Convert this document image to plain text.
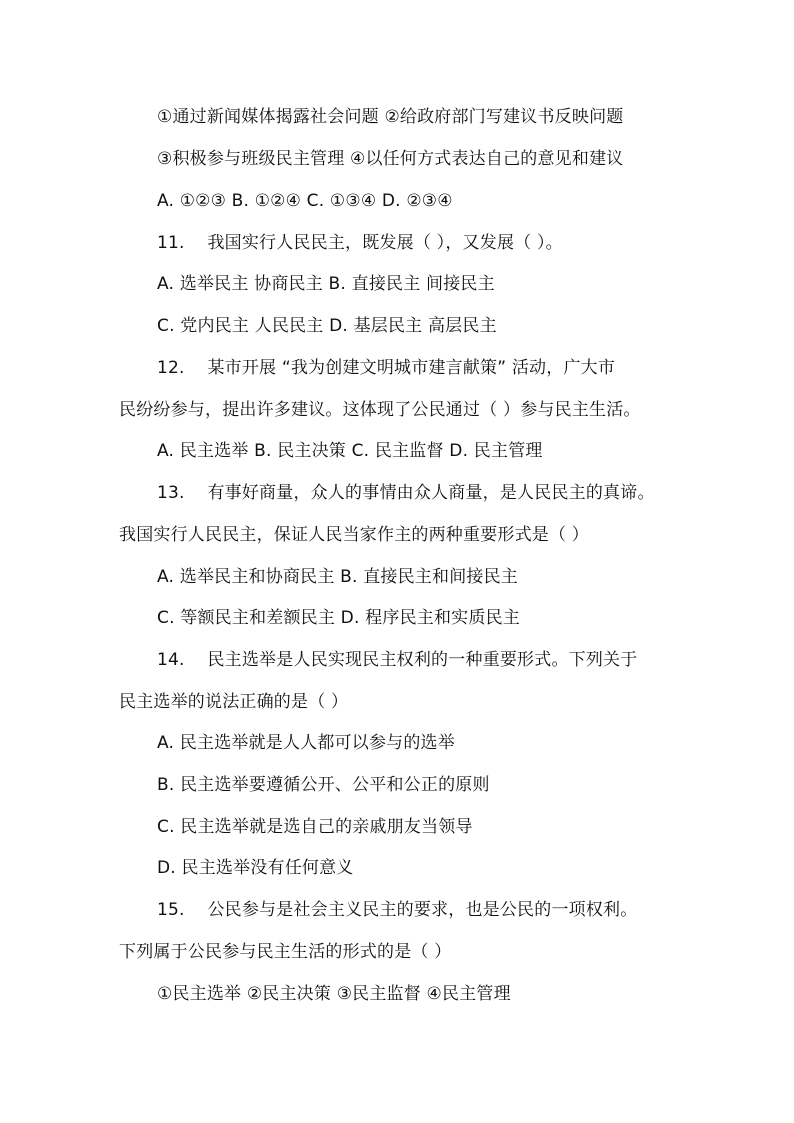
①通过新闻媒体揭露社会问题 ②给政府部门写建议书反映问题
③积极参与班级民主管理 ④以任何方式表达自己的意见和建议
A. ①②③ B. ①②④ C. ①③④ D. ②③④
11.　 我国实行人民民主，既发展（ ），又发展（ ）。
A. 选举民主 协商民主 B. 直接民主 间接民主
C. 党内民主 人民民主 D. 基层民主 高层民主
12.　 某市开展 “我为创建文明城市建言献策” 活动，广大市
民纷纷参与，提出许多建议。这体现了公民通过（ ）参与民主生活。
A. 民主选举 B. 民主决策 C. 民主监督 D. 民主管理
13.　 有事好商量，众人的事情由众人商量，是人民民主的真谛。
我国实行人民民主，保证人民当家作主的两种重要形式是（ ）
A. 选举民主和协商民主 B. 直接民主和间接民主
C. 等额民主和差额民主 D. 程序民主和实质民主
14.　 民主选举是人民实现民主权利的一种重要形式。下列关于
民主选举的说法正确的是（ ）
A. 民主选举就是人人都可以参与的选举
B. 民主选举要遵循公开、公平和公正的原则
C. 民主选举就是选自己的亲戚朋友当领导
D. 民主选举没有任何意义
15.　 公民参与是社会主义民主的要求，也是公民的一项权利。
下列属于公民参与民主生活的形式的是（ ）
①民主选举 ②民主决策 ③民主监督 ④民主管理
